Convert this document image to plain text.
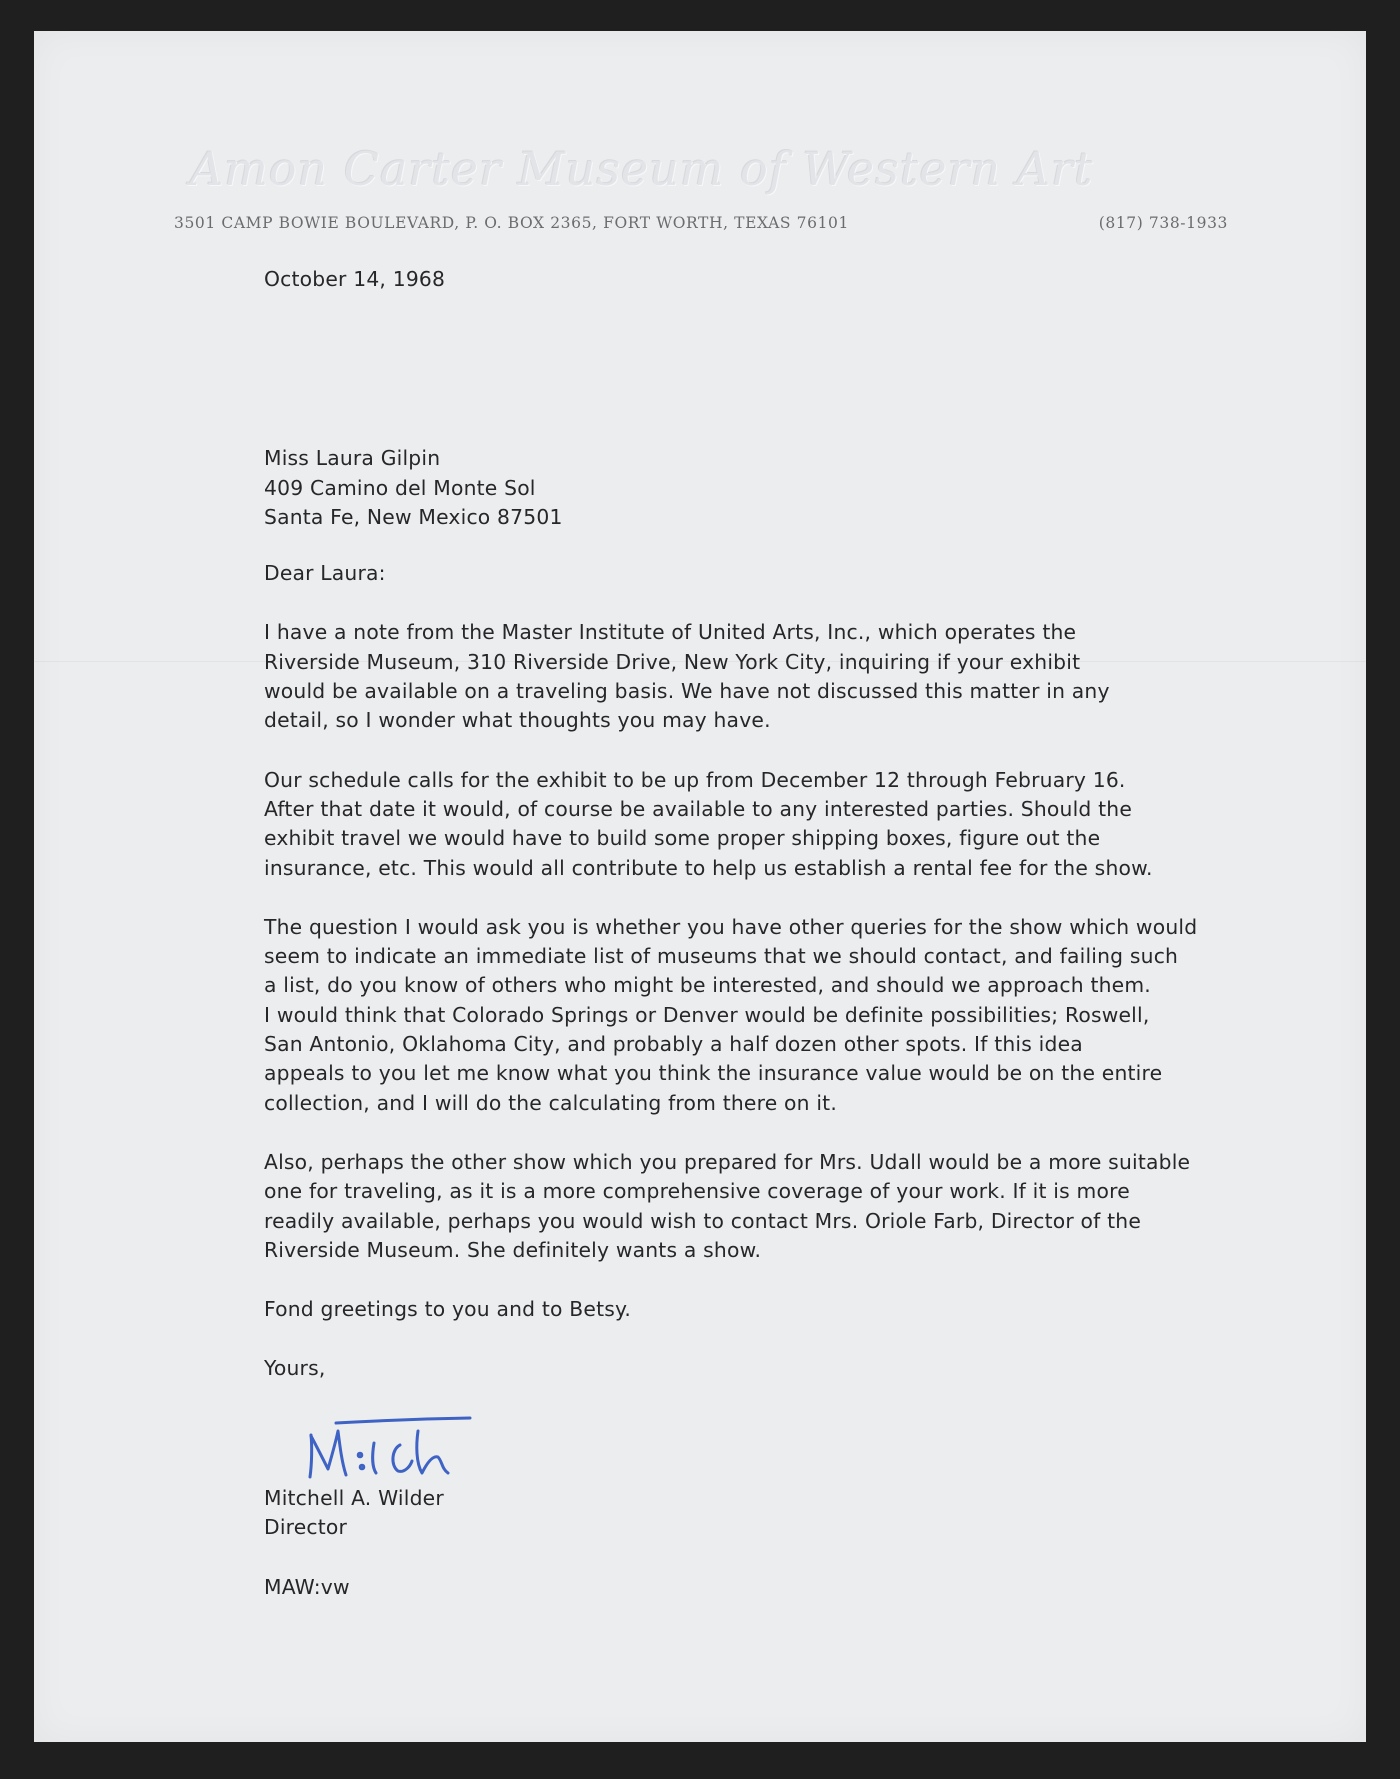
Amon Carter Museum of Western Art
3501 CAMP BOWIE BOULEVARD, P. O. BOX 2365, FORT WORTH, TEXAS 76101	(817) 738-1933
October 14, 1968
Miss Laura Gilpin
409 Camino del Monte Sol
Santa Fe, New Mexico 87501
Dear Laura:
I have a note from the Master Institute of United Arts, Inc., which operates the
Riverside Museum, 310 Riverside Drive, New York City, inquiring if your exhibit
would be available on a traveling basis. We have not discussed this matter in any
detail, so I wonder what thoughts you may have.
Our schedule calls for the exhibit to be up from December 12 through February 16.
After that date it would, of course be available to any interested parties. Should the
exhibit travel we would have to build some proper shipping boxes, figure out the
insurance, etc. This would all contribute to help us establish a rental fee for the show.
The question I would ask you is whether you have other queries for the show which would
seem to indicate an immediate list of museums that we should contact, and failing such
a list, do you know of others who might be interested, and should we approach them.
I would think that Colorado Springs or Denver would be definite possibilities; Roswell,
San Antonio, Oklahoma City, and probably a half dozen other spots. If this idea
appeals to you let me know what you think the insurance value would be on the entire
collection, and I will do the calculating from there on it.
Also, perhaps the other show which you prepared for Mrs. Udall would be a more suitable
one for traveling, as it is a more comprehensive coverage of your work. If it is more
readily available, perhaps you would wish to contact Mrs. Oriole Farb, Director of the
Riverside Museum. She definitely wants a show.
Fond greetings to you and to Betsy.
Yours,
Mitchell A. Wilder
Director
MAW:vw
